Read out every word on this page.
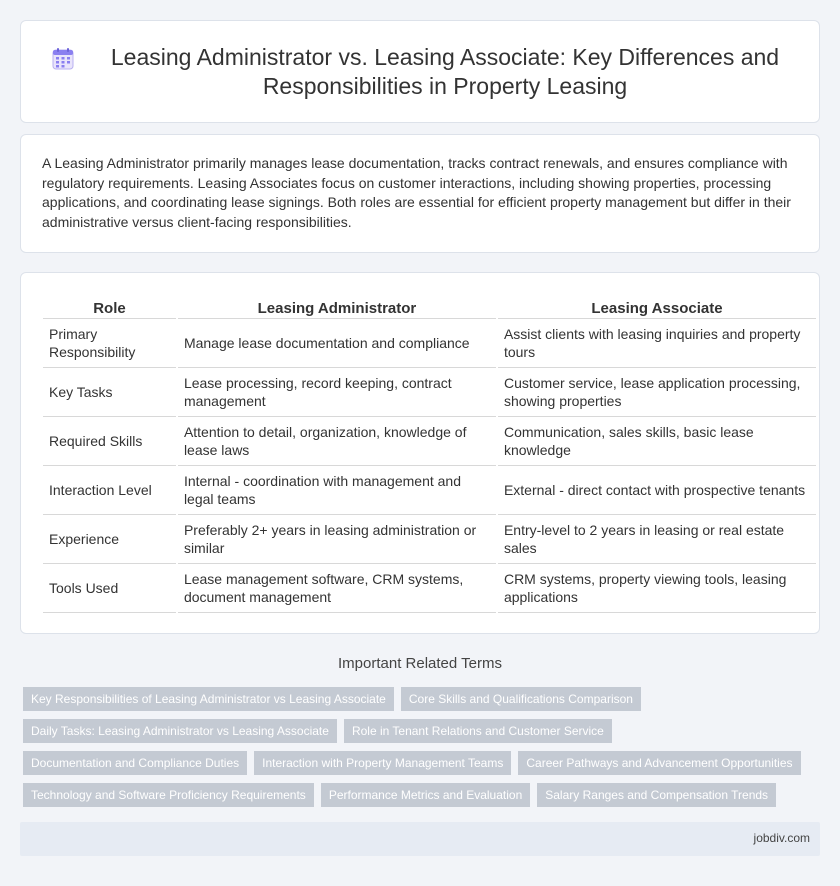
Leasing Administrator vs. Leasing Associate: Key Differences and Responsibilities in Property Leasing

A Leasing Administrator primarily manages lease documentation, tracks contract renewals, and ensures compliance with regulatory requirements. Leasing Associates focus on customer interactions, including showing properties, processing applications, and coordinating lease signings. Both roles are essential for efficient property management but differ in their administrative versus client-facing responsibilities.

Role	Leasing Administrator	Leasing Associate
Primary Responsibility	Manage lease documentation and compliance	Assist clients with leasing inquiries and property tours
Key Tasks	Lease processing, record keeping, contract management	Customer service, lease application processing, showing properties
Required Skills	Attention to detail, organization, knowledge of lease laws	Communication, sales skills, basic lease knowledge
Interaction Level	Internal - coordination with management and legal teams	External - direct contact with prospective tenants
Experience	Preferably 2+ years in leasing administration or similar	Entry-level to 2 years in leasing or real estate sales
Tools Used	Lease management software, CRM systems, document management	CRM systems, property viewing tools, leasing applications
Important Related Terms
Key Responsibilities of Leasing Administrator vs Leasing Associate	Core Skills and Qualifications Comparison
Daily Tasks: Leasing Administrator vs Leasing Associate	Role in Tenant Relations and Customer Service
Documentation and Compliance Duties	Interaction with Property Management Teams	Career Pathways and Advancement Opportunities
Technology and Software Proficiency Requirements	Performance Metrics and Evaluation	Salary Ranges and Compensation Trends
jobdiv.com
